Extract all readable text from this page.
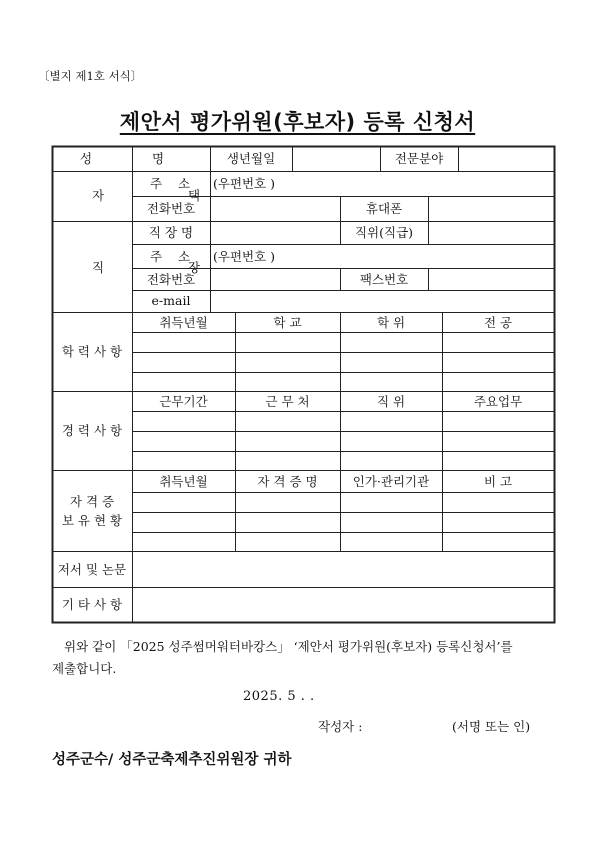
〔별지 제1호 서식〕
제안서 평가위원(후보자) 등록 신청서
성 명	생년월일	전문분야
자 택
주 소 (우편번호 )
전화번호	휴대폰
직 장
직 장 명	직위(직급)
주 소 (우편번호 )
전화번호	팩스번호
e-mail
학 력 사 항
취득년월	학 교	학 위	전 공
경 력 사 항
근무기간	근 무 처	직 위	주요업무
자 격 증
보 유 현 황
취득년월	자 격 증 명	인가·관리기관	비 고
저서 및 논문
기 타 사 항
위와 같이 「2025 성주썸머워터바캉스」 ‘제안서 평가위원(후보자) 등록신청서’를
제출합니다.
2025. 5 . .
작성자 :	(서명 또는 인)
성주군수/ 성주군축제추진위원장 귀하
